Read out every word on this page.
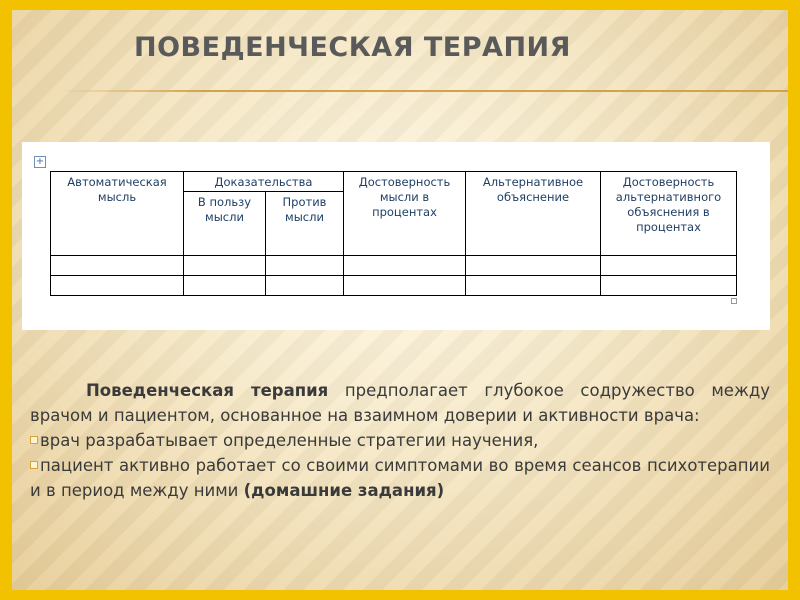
ПОВЕДЕНЧЕСКАЯ ТЕРАПИЯ
+
Автоматическая мысль	Доказательства		Достоверность мысли в процентах	Альтернативное объяснение	Достоверность альтернативного объяснения в процентах
	В пользу мысли	Против мысли			

Поведенческая терапия предполагает глубокое содружество между врачом и пациентом, основанное на взаимном доверии и активности врача:

врач разрабатывает определенные стратегии научения,

пациент активно работает со своими симптомами во время сеансов психотерапии и в период между ними (домашние задания)
